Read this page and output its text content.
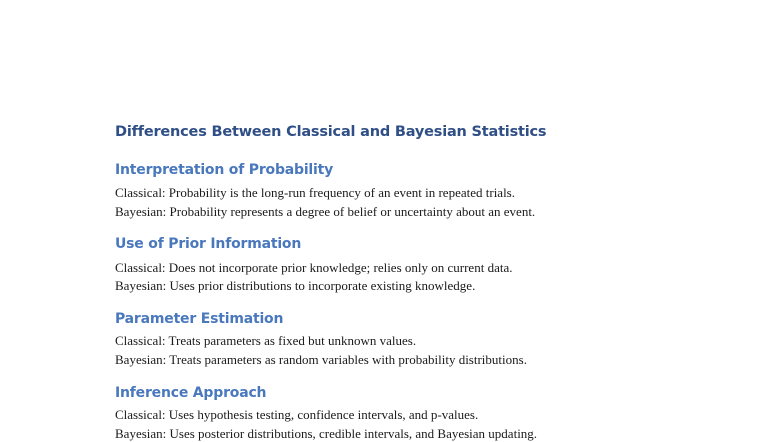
Differences Between Classical and Bayesian Statistics
Interpretation of Probability

Classical: Probability is the long-run frequency of an event in repeated trials.

Bayesian: Probability represents a degree of belief or uncertainty about an event.

Use of Prior Information

Classical: Does not incorporate prior knowledge; relies only on current data.

Bayesian: Uses prior distributions to incorporate existing knowledge.

Parameter Estimation

Classical: Treats parameters as fixed but unknown values.

Bayesian: Treats parameters as random variables with probability distributions.

Inference Approach

Classical: Uses hypothesis testing, confidence intervals, and p-values.

Bayesian: Uses posterior distributions, credible intervals, and Bayesian updating.
